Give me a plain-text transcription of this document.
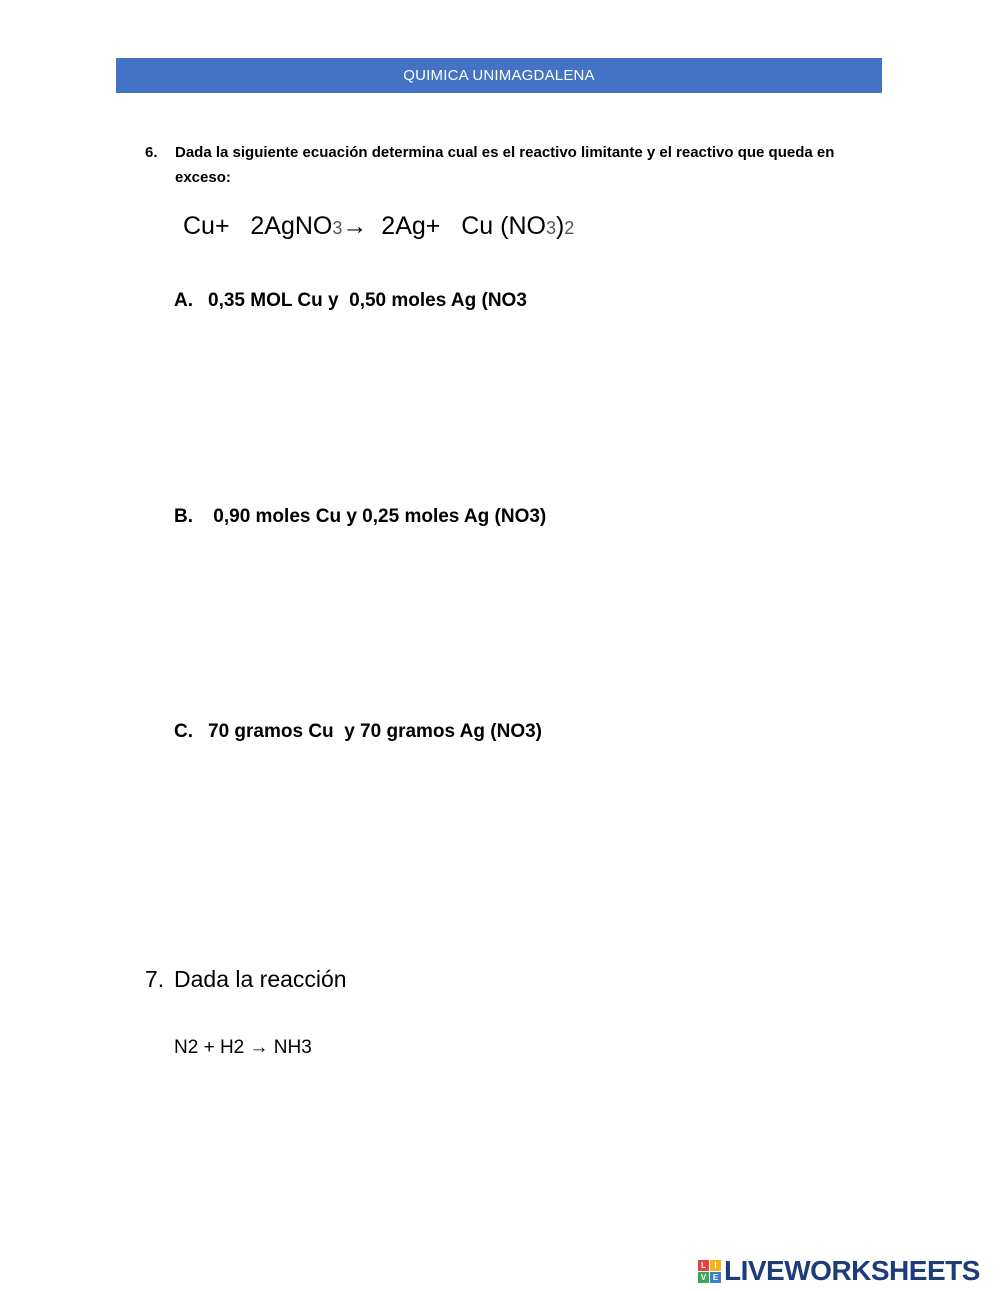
QUIMICA UNIMAGDALENA
6. Dada la siguiente ecuación determina cual es el reactivo limitante y el reactivo que queda en exceso:
Cu+   2AgNO3→  2Ag+   Cu (NO3)2
A. 0,35 MOL Cu y  0,50 moles Ag (NO3
B. 0,90 moles Cu y 0,25 moles Ag (NO3)
C. 70 gramos Cu  y 70 gramos Ag (NO3)
7. Dada la reacción
N2 + H2 → NH3
L	I
V E LIVEWORKSHEETS
